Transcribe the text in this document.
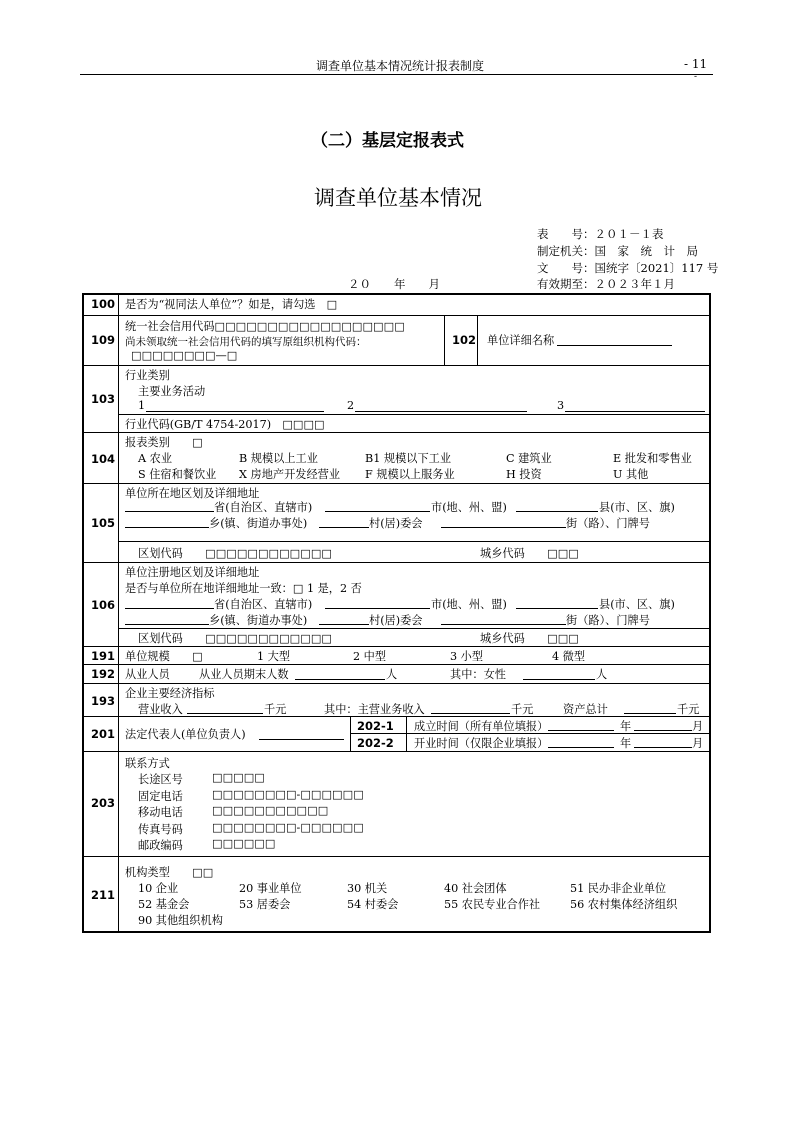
调查单位基本情况统计报表制度	- 11
-
（二）基层定报表式
调查单位基本情况
表　　号：２０１－１表
制定机关：国　家　统　计　局
文　　号：国统字〔2021〕117 号
有效期至：２０２３年１月
２０　　年　　月
100 是否为“视同法人单位”？如是，请勾选　□
109
统一社会信用代码□□□□□□□□□□□□□□□□□□
尚未领取统一社会信用代码的填写原组织机构代码：
□□□□□□□□—□
102 单位详细名称
103
行业类别
主要业务活动
1	2	3
行业代码(GB/T 4754-2017)　□□□□
104
报表类别　　□
A 农业	B 规模以上工业	B1 规模以下工业	C 建筑业	E 批发和零售业
S 住宿和餐饮业 X 房地产开发经营业 F 规模以上服务业	H 投资	U 其他
105
单位所在地区划及详细地址
省(自治区、直辖市)	市(地、州、盟)	县(市、区、旗)
乡(镇、街道办事处)	村(居)委会	街（路）、门牌号
区划代码　　□□□□□□□□□□□□	城乡代码　　□□□
106
单位注册地区划及详细地址
是否与单位所在地详细地址一致：□ 1 是，2 否
省(自治区、直辖市)	市(地、州、盟)	县(市、区、旗)
乡(镇、街道办事处)	村(居)委会	街（路）、门牌号
区划代码　　□□□□□□□□□□□□	城乡代码　　□□□
191 单位规模　　□	1 大型	2 中型	3 小型	4 微型
192 从业人员	从业人员期末人数	人	其中：女性	人
193
企业主要经济指标
营业收入	千元	其中：主营业务收入	千元	资产总计	千元
201 法定代表人(单位负责人)
202-1 成立时间（所有单位填报）	年	月
202-2 开业时间（仅限企业填报）	年	月
203
联系方式
长途区号	□□□□□
固定电话	□□□□□□□□-□□□□□□
移动电话	□□□□□□□□□□□
传真号码	□□□□□□□□-□□□□□□
邮政编码	□□□□□□
211
机构类型　　□□
10 企业	20 事业单位	30 机关	40 社会团体	51 民办非企业单位
52 基金会	53 居委会	54 村委会	55 农民专业合作社	56 农村集体经济组织
90 其他组织机构
